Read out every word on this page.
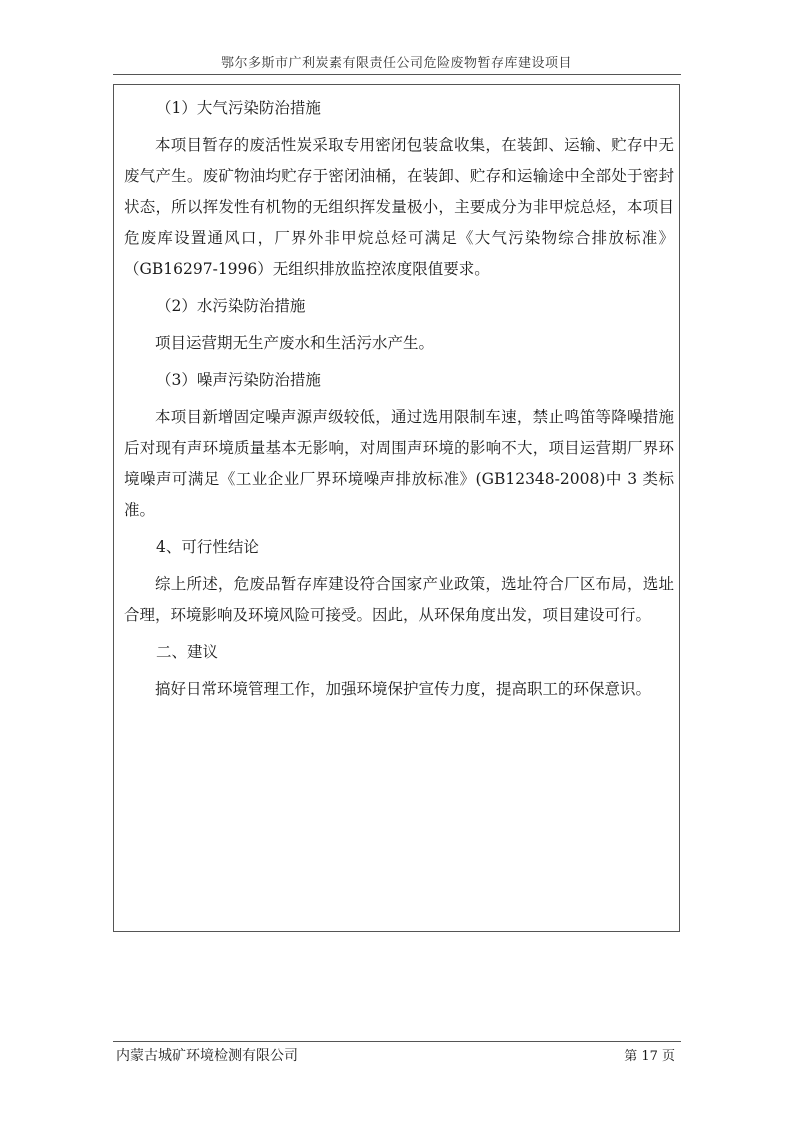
鄂尔多斯市广利炭素有限责任公司危险废物暂存库建设项目

（1）大气污染防治措施

本项目暂存的废活性炭采取专用密闭包装盒收集，在装卸、运输、贮存中无废气产生。废矿物油均贮存于密闭油桶，在装卸、贮存和运输途中全部处于密封状态，所以挥发性有机物的无组织挥发量极小，主要成分为非甲烷总烃，本项目危废库设置通风口，厂界外非甲烷总烃可满足《大气污染物综合排放标准》（GB16297-1996）无组织排放监控浓度限值要求。

（2）水污染防治措施

项目运营期无生产废水和生活污水产生。

（3）噪声污染防治措施

本项目新增固定噪声源声级较低，通过选用限制车速，禁止鸣笛等降噪措施后对现有声环境质量基本无影响，对周围声环境的影响不大，项目运营期厂界环境噪声可满足《工业企业厂界环境噪声排放标准》(GB12348-2008)中 3 类标准。

4、可行性结论

综上所述，危废品暂存库建设符合国家产业政策，选址符合厂区布局，选址合理，环境影响及环境风险可接受。因此，从环保角度出发，项目建设可行。

二、建议

搞好日常环境管理工作，加强环境保护宣传力度，提高职工的环保意识。

内蒙古城矿环境检测有限公司	第 17 页
